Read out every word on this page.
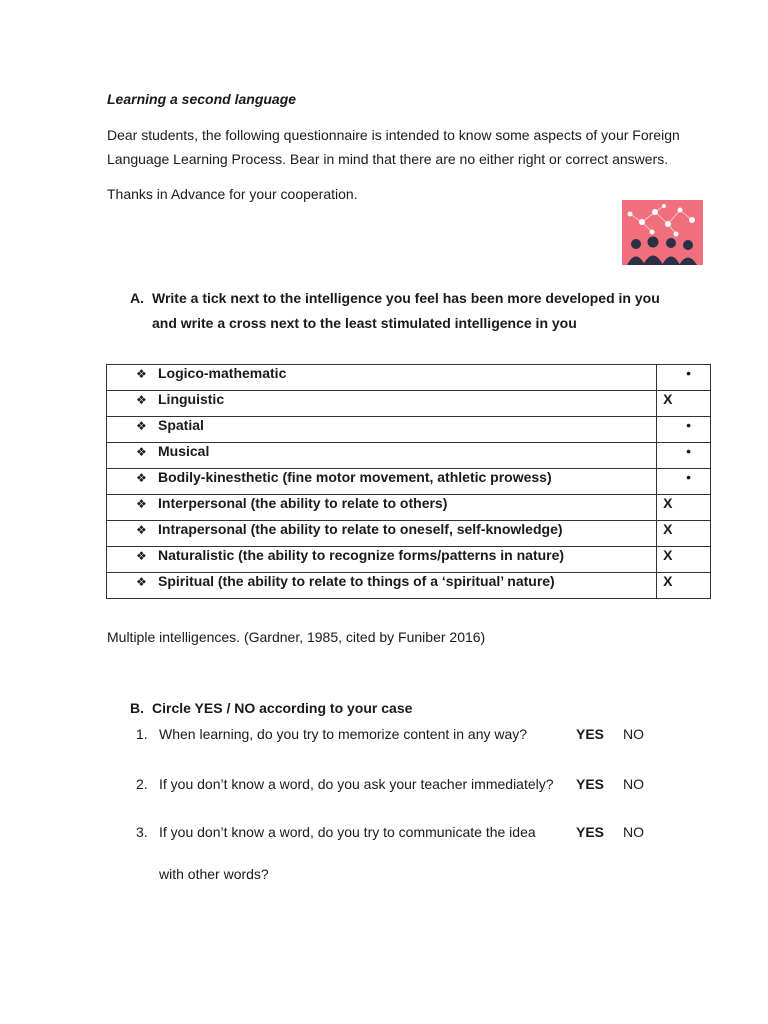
Learning a second language
Dear students, the following questionnaire is intended to know some aspects of your Foreign Language Learning Process. Bear in mind that there are no either right or correct answers.
Thanks in Advance for your cooperation.
A. Write a tick next to the intelligence you feel has been more developed in you
and write a cross next to the least stimulated intelligence in you
❖ Logico-mathematic	•

❖ Linguistic	X

❖ Spatial	•

❖ Musical	•

❖ Bodily-kinesthetic (fine motor movement, athletic prowess)	•

❖ Interpersonal (the ability to relate to others)	X

❖ Intrapersonal (the ability to relate to oneself, self-knowledge)	X

❖ Naturalistic (the ability to recognize forms/patterns in nature)	X

❖ Spiritual (the ability to relate to things of a ‘spiritual’ nature)	X
Multiple intelligences. (Gardner, 1985, cited by Funiber 2016)
B. Circle YES / NO according to your case
1. When learning, do you try to memorize content in any way?	YES NO
2. If you don’t know a word, do you ask your teacher immediately? YES NO
3. If you don’t know a word, do you try to communicate the idea
with other words?
YES NO
